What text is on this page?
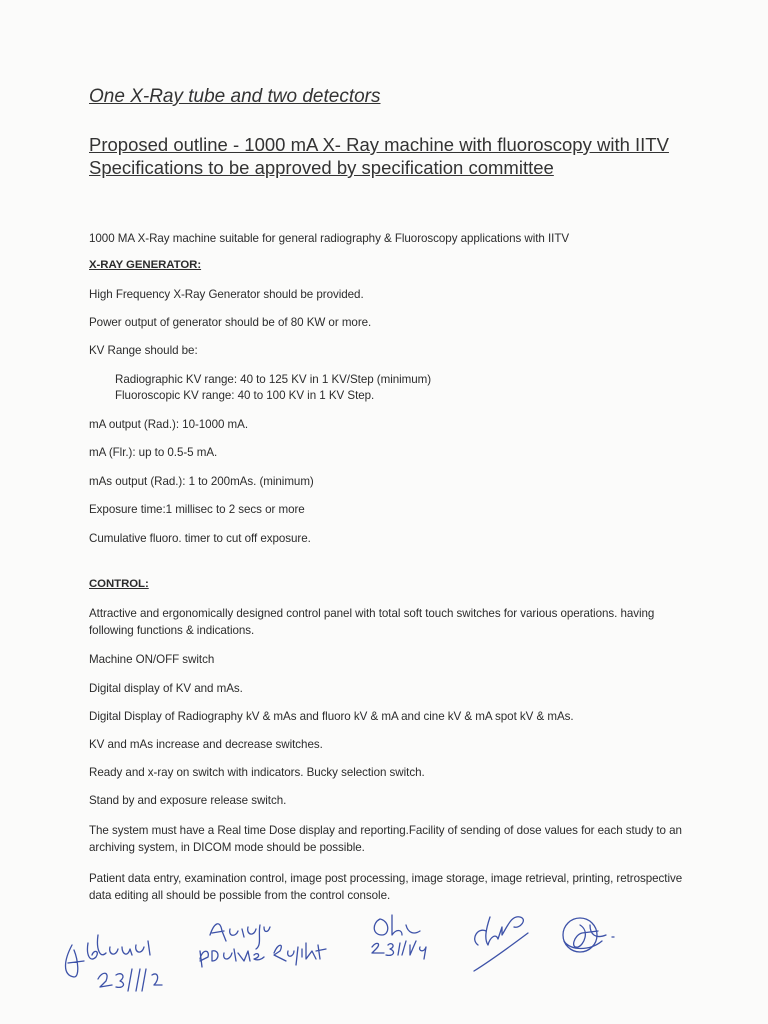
One X-Ray tube and two detectors
Proposed outline - 1000 mA X- Ray machine with fluoroscopy with IITV Specifications to be approved by specification committee
1000 MA X-Ray machine suitable for general radiography & Fluoroscopy applications with IITV
X-RAY GENERATOR:
High Frequency X-Ray Generator should be provided.
Power output of generator should be of 80 KW or more.
KV Range should be:
Radiographic KV range: 40 to 125 KV in 1 KV/Step (minimum)
Fluoroscopic KV range: 40 to 100 KV in 1 KV Step.
mA output (Rad.): 10-1000 mA.
mA (Flr.): up to 0.5-5 mA.
mAs output (Rad.): 1 to 200mAs. (minimum)
Exposure time:1 millisec to 2 secs or more
Cumulative fluoro. timer to cut off exposure.
CONTROL:
Attractive and ergonomically designed control panel with total soft touch switches for various operations. having following functions & indications.
Machine ON/OFF switch
Digital display of KV and mAs.
Digital Display of Radiography kV & mAs and fluoro kV & mA and cine kV & mA spot kV & mAs.
KV and mAs increase and decrease switches.
Ready and x-ray on switch with indicators. Bucky selection switch.
Stand by and exposure release switch.
The system must have a Real time Dose display and reporting.Facility of sending of dose values for each study to an archiving system, in DICOM mode should be possible.
Patient data entry, examination control, image post processing, image storage, image retrieval, printing, retrospective data editing all should be possible from the control console.
